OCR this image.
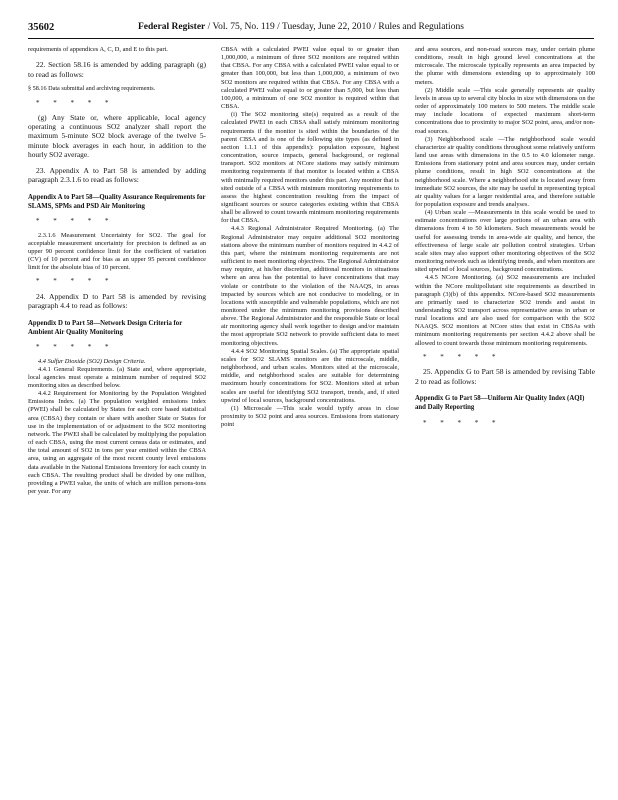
35602	Federal Register / Vol. 75, No. 119 / Tuesday, June 22, 2010 / Rules and Regulations

requirements of appendices A, C, D, and E to this part.

22. Section 58.16 is amended by adding paragraph (g) to read as follows:

§ 58.16 Data submittal and archiving requirements.

* * * * *

(g) Any State or, where applicable, local agency operating a continuous SO2 analyzer shall report the maximum 5-minute SO2 block average of the twelve 5-minute block averages in each hour, in addition to the hourly SO2 average.

23. Appendix A to Part 58 is amended by adding paragraph 2.3.1.6 to read as follows:

Appendix A to Part 58—Quality Assurance Requirements for SLAMS, SPMs and PSD Air Monitoring

* * * * *

2.3.1.6 Measurement Uncertainty for SO2. The goal for acceptable measurement uncertainty for precision is defined as an upper 90 percent confidence limit for the coefficient of variation (CV) of 10 percent and for bias as an upper 95 percent confidence limit for the absolute bias of 10 percent.

* * * * *

24. Appendix D to Part 58 is amended by revising paragraph 4.4 to read as follows:

Appendix D to Part 58—Network Design Criteria for Ambient Air Quality Monitoring

* * * * *

4.4 Sulfur Dioxide (SO2) Design Criteria.

4.4.1 General Requirements. (a) State and, where appropriate, local agencies must operate a minimum number of required SO2 monitoring sites as described below.

4.4.2 Requirement for Monitoring by the Population Weighted Emissions Index. (a) The population weighted emissions index (PWEI) shall be calculated by States for each core based statistical area (CBSA) they contain or share with another State or States for use in the implementation of or adjustment to the SO2 monitoring network. The PWEI shall be calculated by multiplying the population of each CBSA, using the most current census data or estimates, and the total amount of SO2 in tons per year emitted within the CBSA area, using an aggregate of the most recent county level emissions data available in the National Emissions Inventory for each county in each CBSA. The resulting product shall be divided by one million, providing a PWEI value, the units of which are million persons-tons per year. For any

CBSA with a calculated PWEI value equal to or greater than 1,000,000, a minimum of three SO2 monitors are required within that CBSA. For any CBSA with a calculated PWEI value equal to or greater than 100,000, but less than 1,000,000, a minimum of two SO2 monitors are required within that CBSA. For any CBSA with a calculated PWEI value equal to or greater than 5,000, but less than 100,000, a minimum of one SO2 monitor is required within that CBSA.

(i) The SO2 monitoring site(s) required as a result of the calculated PWEI in each CBSA shall satisfy minimum monitoring requirements if the monitor is sited within the boundaries of the parent CBSA and is one of the following site types (as defined in section 1.1.1 of this appendix): population exposure, highest concentration, source impacts, general background, or regional transport. SO2 monitors at NCore stations may satisfy minimum monitoring requirements if that monitor is located within a CBSA with minimally required monitors under this part. Any monitor that is sited outside of a CBSA with minimum monitoring requirements to assess the highest concentration resulting from the impact of significant sources or source categories existing within that CBSA shall be allowed to count towards minimum monitoring requirements for that CBSA.

4.4.3 Regional Administrator Required Monitoring. (a) The Regional Administrator may require additional SO2 monitoring stations above the minimum number of monitors required in 4.4.2 of this part, where the minimum monitoring requirements are not sufficient to meet monitoring objectives. The Regional Administrator may require, at his/her discretion, additional monitors in situations where an area has the potential to have concentrations that may violate or contribute to the violation of the NAAQS, in areas impacted by sources which are not conducive to modeling, or in locations with susceptible and vulnerable populations, which are not monitored under the minimum monitoring provisions described above. The Regional Administrator and the responsible State or local air monitoring agency shall work together to design and/or maintain the most appropriate SO2 network to provide sufficient data to meet monitoring objectives.

4.4.4 SO2 Monitoring Spatial Scales. (a) The appropriate spatial scales for SO2 SLAMS monitors are the microscale, middle, neighborhood, and urban scales. Monitors sited at the microscale, middle, and neighborhood scales are suitable for determining maximum hourly concentrations for SO2. Monitors sited at urban scales are useful for identifying SO2 transport, trends, and, if sited upwind of local sources, background concentrations.

(1) Microscale —This scale would typify areas in close proximity to SO2 point and area sources. Emissions from stationary point

and area sources, and non-road sources may, under certain plume conditions, result in high ground level concentrations at the microscale. The microscale typically represents an area impacted by the plume with dimensions extending up to approximately 100 meters.

(2) Middle scale —This scale generally represents air quality levels in areas up to several city blocks in size with dimensions on the order of approximately 100 meters to 500 meters. The middle scale may include locations of expected maximum short-term concentrations due to proximity to major SO2 point, area, and/or non-road sources.

(3) Neighborhood scale —The neighborhood scale would characterize air quality conditions throughout some relatively uniform land use areas with dimensions in the 0.5 to 4.0 kilometer range. Emissions from stationary point and area sources may, under certain plume conditions, result in high SO2 concentrations at the neighborhood scale. Where a neighborhood site is located away from immediate SO2 sources, the site may be useful in representing typical air quality values for a larger residential area, and therefore suitable for population exposure and trends analyses.

(4) Urban scale —Measurements in this scale would be used to estimate concentrations over large portions of an urban area with dimensions from 4 to 50 kilometers. Such measurements would be useful for assessing trends in area-wide air quality, and hence, the effectiveness of large scale air pollution control strategies. Urban scale sites may also support other monitoring objectives of the SO2 monitoring network such as identifying trends, and when monitors are sited upwind of local sources, background concentrations.

4.4.5 NCore Monitoring. (a) SO2 measurements are included within the NCore multipollutant site requirements as described in paragraph (3)(b) of this appendix. NCore-based SO2 measurements are primarily used to characterize SO2 trends and assist in understanding SO2 transport across representative areas in urban or rural locations and are also used for comparison with the SO2 NAAQS. SO2 monitors at NCore sites that exist in CBSAs with minimum monitoring requirements per section 4.4.2 above shall be allowed to count towards those minimum monitoring requirements.

* * * * *

25. Appendix G to Part 58 is amended by revising Table 2 to read as follows:

Appendix G to Part 58—Uniform Air Quality Index (AQI) and Daily Reporting

* * * * *
